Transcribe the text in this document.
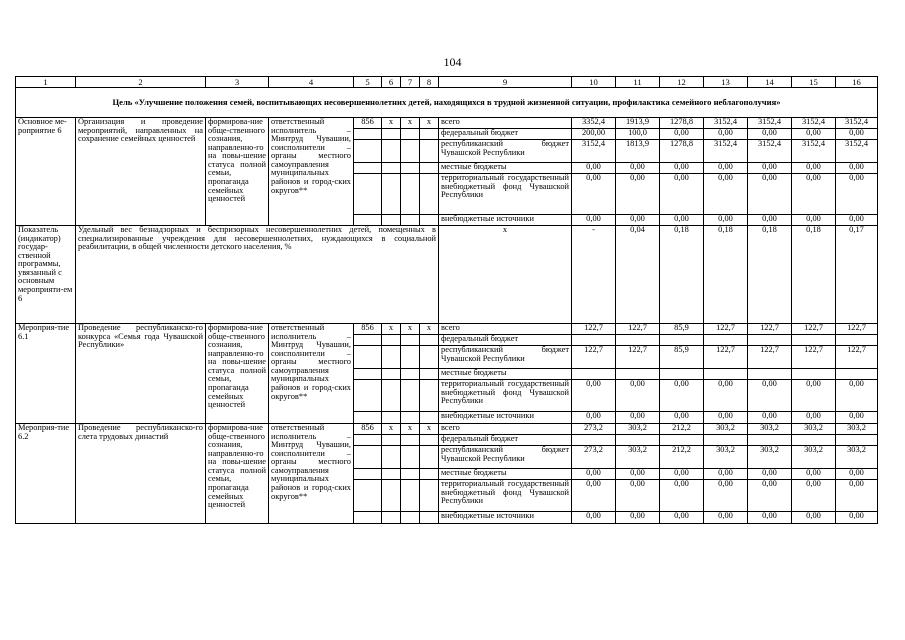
104
1	2	3	4	5	6	7	8	9	10	11	12	13	14	15	16
Цель «Улучшение положения семей, воспитывающих несовершеннолетних детей, находящихся в трудной жизненной ситуации, профилактика семейного неблагополучия»															
Основное ме-роприятие 6	Организация и проведение мероприятий, направленных на сохранение семейных ценностей	формирова-ние обще-ственного сознания, направленно-го на повы-шение статуса полной семьи, пропаганда семейных ценностей	ответственный исполнитель – Минтруд Чувашии, соисполнители – органы местного самоуправления муниципальных районов и город-ских округов**	856	x	x	x	всего	3352,4	1913,9	1278,8	3152,4	3152,4	3152,4	3152,4
								федеральный бюджет	200,00	100,0	0,00	0,00	0,00	0,00	0,00
								республиканский бюджет Чувашской Республики	3152,4	1813,9	1278,8	3152,4	3152,4	3152,4	3152,4
								местные бюджеты	0,00	0,00	0,00	0,00	0,00	0,00	0,00
								территориальный государственный внебюджетный фонд Чувашской Республики	0,00	0,00	0,00	0,00	0,00	0,00	0,00
								внебюджетные источники	0,00	0,00	0,00	0,00	0,00	0,00	0,00
Показатель (индикатор) государ-ственной программы, увязанный с основным мероприяти-ем 6	Удельный вес безнадзорных и беспризорных несовершеннолетних детей, помещенных в специализированные учреждения для несовершеннолетних, нуждающихся в социальной реабилитации, в общей численности детского населения, %							x	-	0,04	0,18	0,18	0,18	0,18	0,17
Мероприя-тие 6.1	Проведение республиканско-го конкурса «Семья года Чувашской Республики»	формирова-ние обще-ственного сознания, направленно-го на повы-шение статуса полной семьи, пропаганда семейных ценностей	ответственный исполнитель – Минтруд Чувашии, соисполнители – органы местного самоуправления муниципальных районов и город-ских округов**	856	x	x	x	всего	122,7	122,7	85,9	122,7	122,7	122,7	122,7
								федеральный бюджет							
								республиканский бюджет Чувашской Республики	122,7	122,7	85,9	122,7	122,7	122,7	122,7
								местные бюджеты							
								территориальный государственный внебюджетный фонд Чувашской Республики	0,00	0,00	0,00	0,00	0,00	0,00	0,00
								внебюджетные источники	0,00	0,00	0,00	0,00	0,00	0,00	0,00
Мероприя-тие 6.2	Проведение республиканско-го слета трудовых династий	формирова-ние обще-ственного сознания, направленно-го на повы-шение статуса полной семьи, пропаганда семейных ценностей	ответственный исполнитель – Минтруд Чувашии, соисполнители – органы местного самоуправления муниципальных районов и город-ских округов**	856	x	x	x	всего	273,2	303,2	212,2	303,2	303,2	303,2	303,2
								федеральный бюджет							
								республиканский бюджет Чувашской Республики	273,2	303,2	212,2	303,2	303,2	303,2	303,2
								местные бюджеты	0,00	0,00	0,00	0,00	0,00	0,00	0,00
								территориальный государственный внебюджетный фонд Чувашской Республики	0,00	0,00	0,00	0,00	0,00	0,00	0,00
								внебюджетные источники	0,00	0,00	0,00	0,00	0,00	0,00	0,00
